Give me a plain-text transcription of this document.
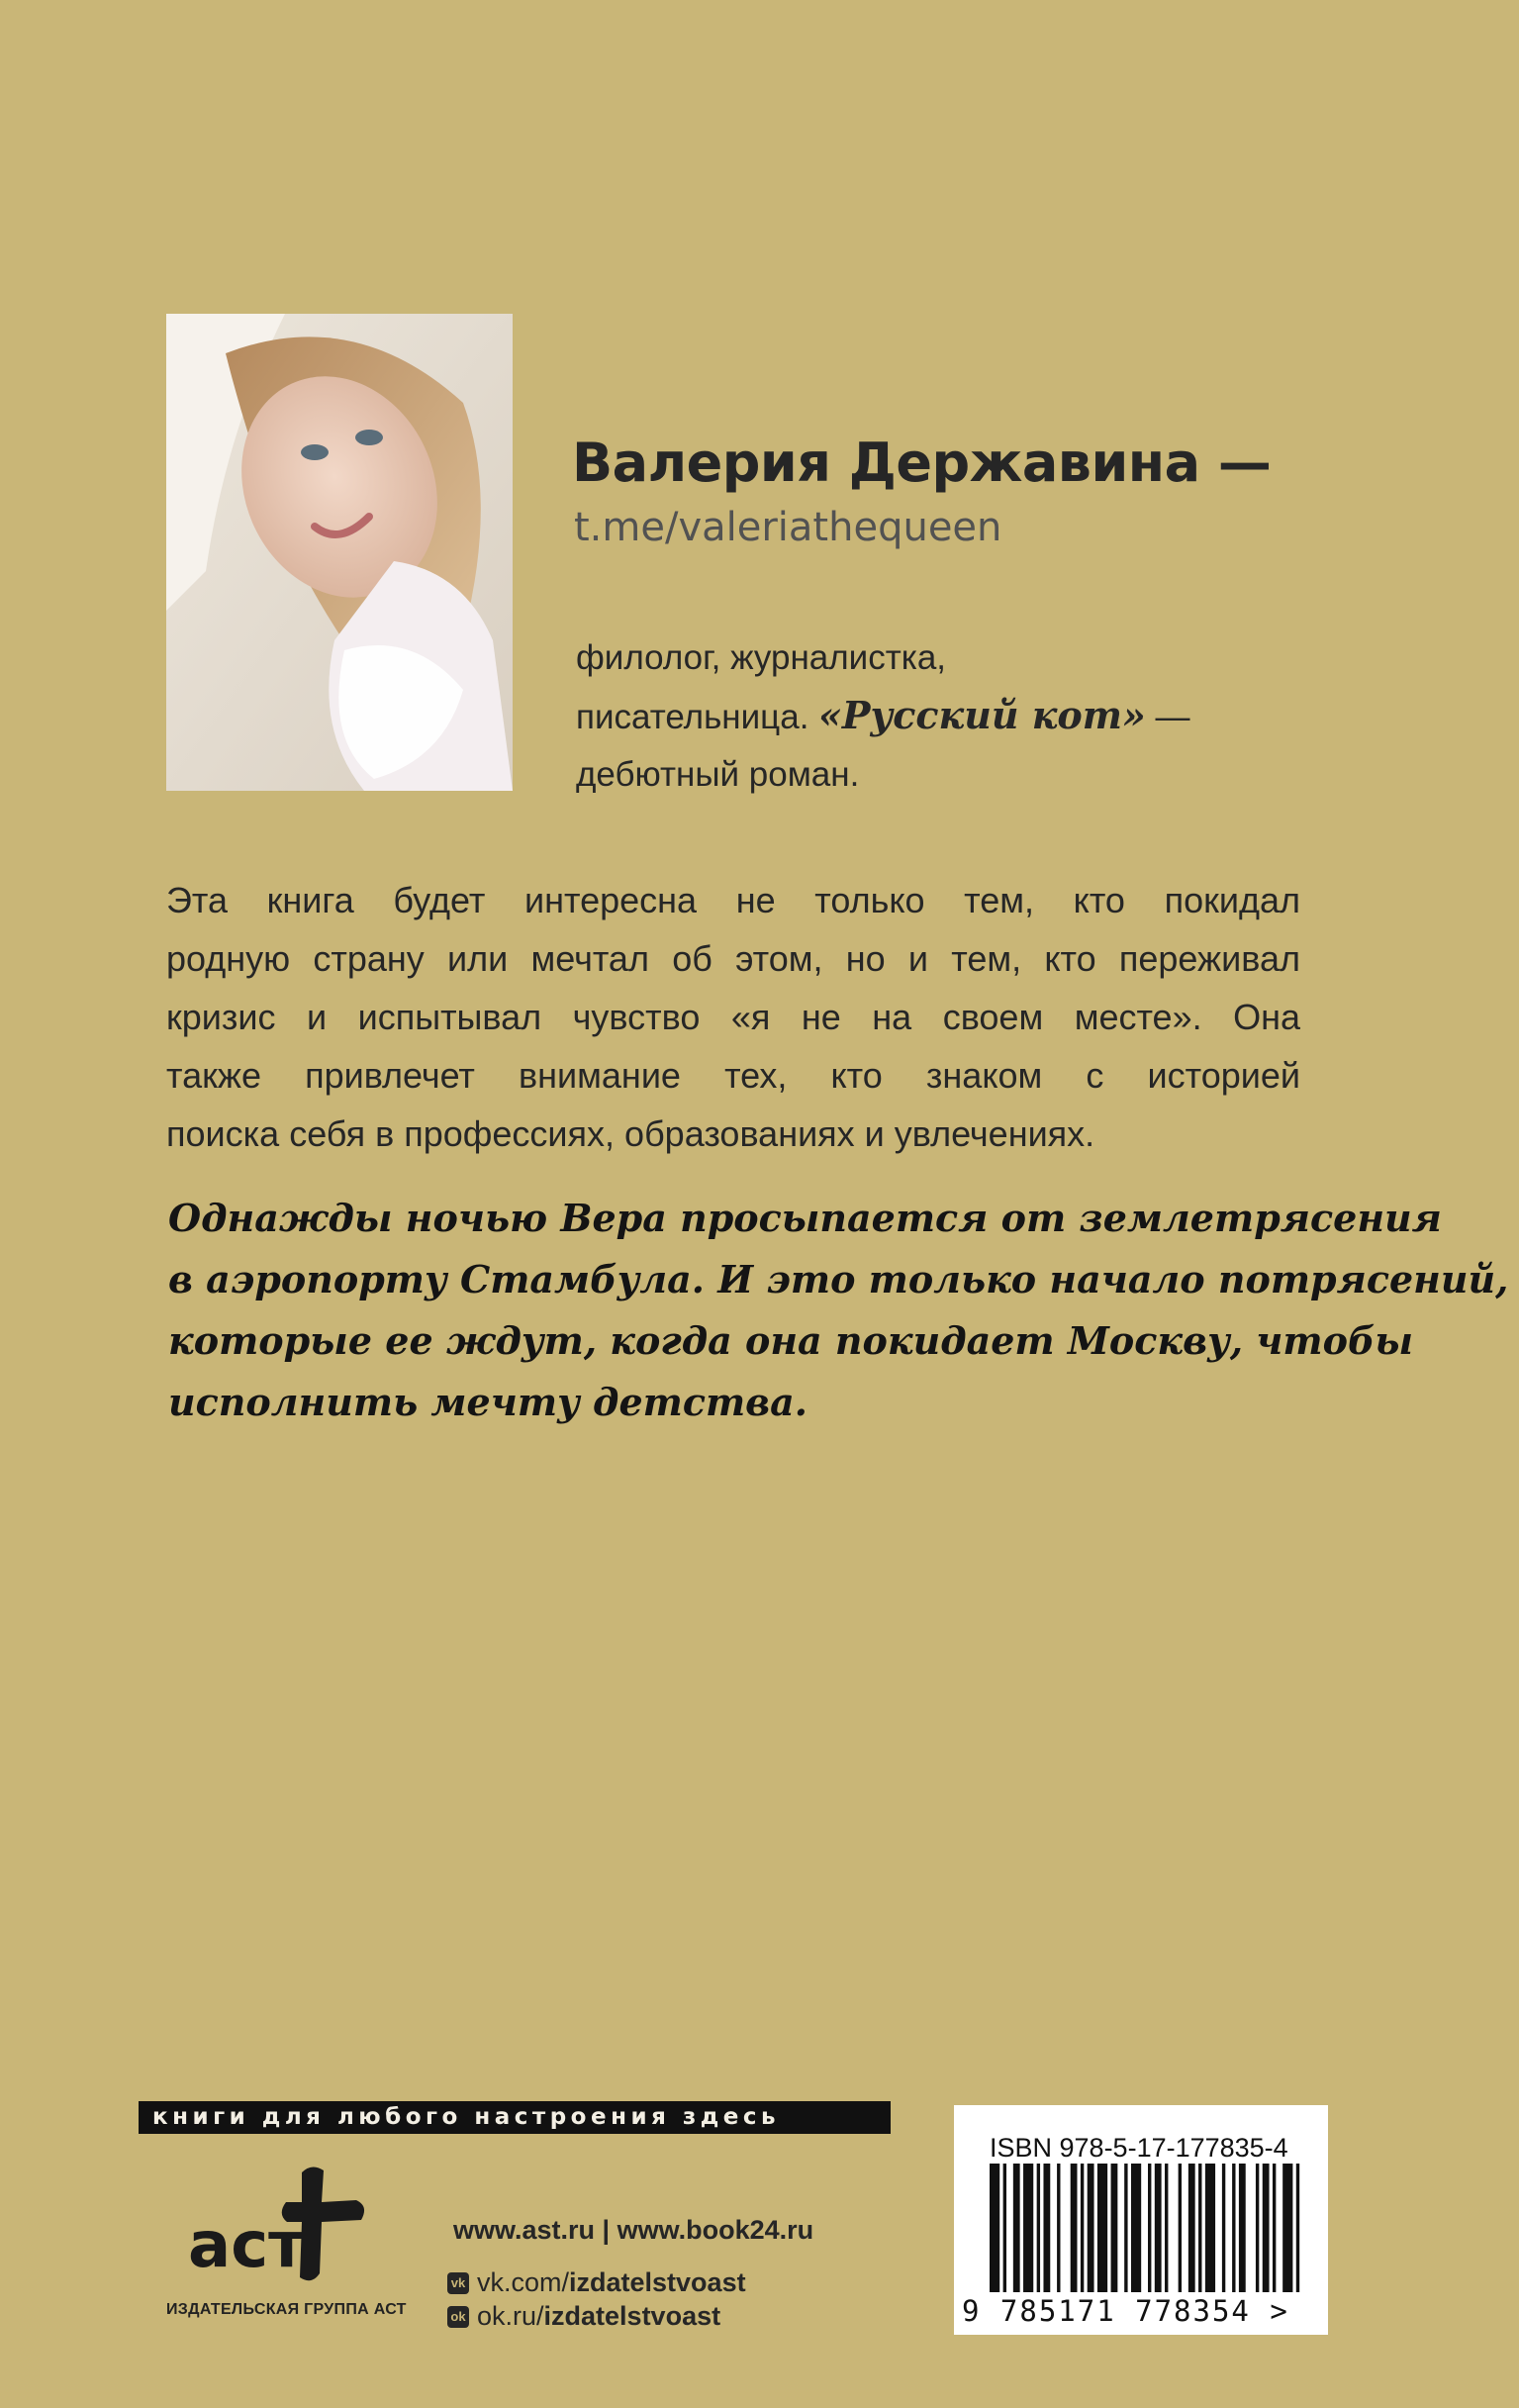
Валерия Державина —
t.me/valeriathequeen
филолог, журналистка,
писательница. «Русский кот» —
дебютный роман.
Эта книга будет интересна не только тем, кто покидал
родную страну или мечтал об этом, но и тем, кто переживал
кризис и испытывал чувство «я не на своем месте». Она
также привлечет внимание тех, кто знаком с историей
поиска себя в профессиях, образованиях и увлечениях.
Однажды ночью Вера просыпается от землетрясения
в аэропорту Стамбула. И это только начало потрясений,
которые ее ждут, когда она покидает Москву, чтобы
исполнить мечту детства.
книги для любого настроения здесь
аст
ИЗДАТЕЛЬСКАЯ ГРУППА АСТ
www.ast.ru | www.book24.ru
vk vk.com/izdatelstvoast
ok ok.ru/izdatelstvoast
ISBN 978-5-17-177835-4
9 785171 778354 >
